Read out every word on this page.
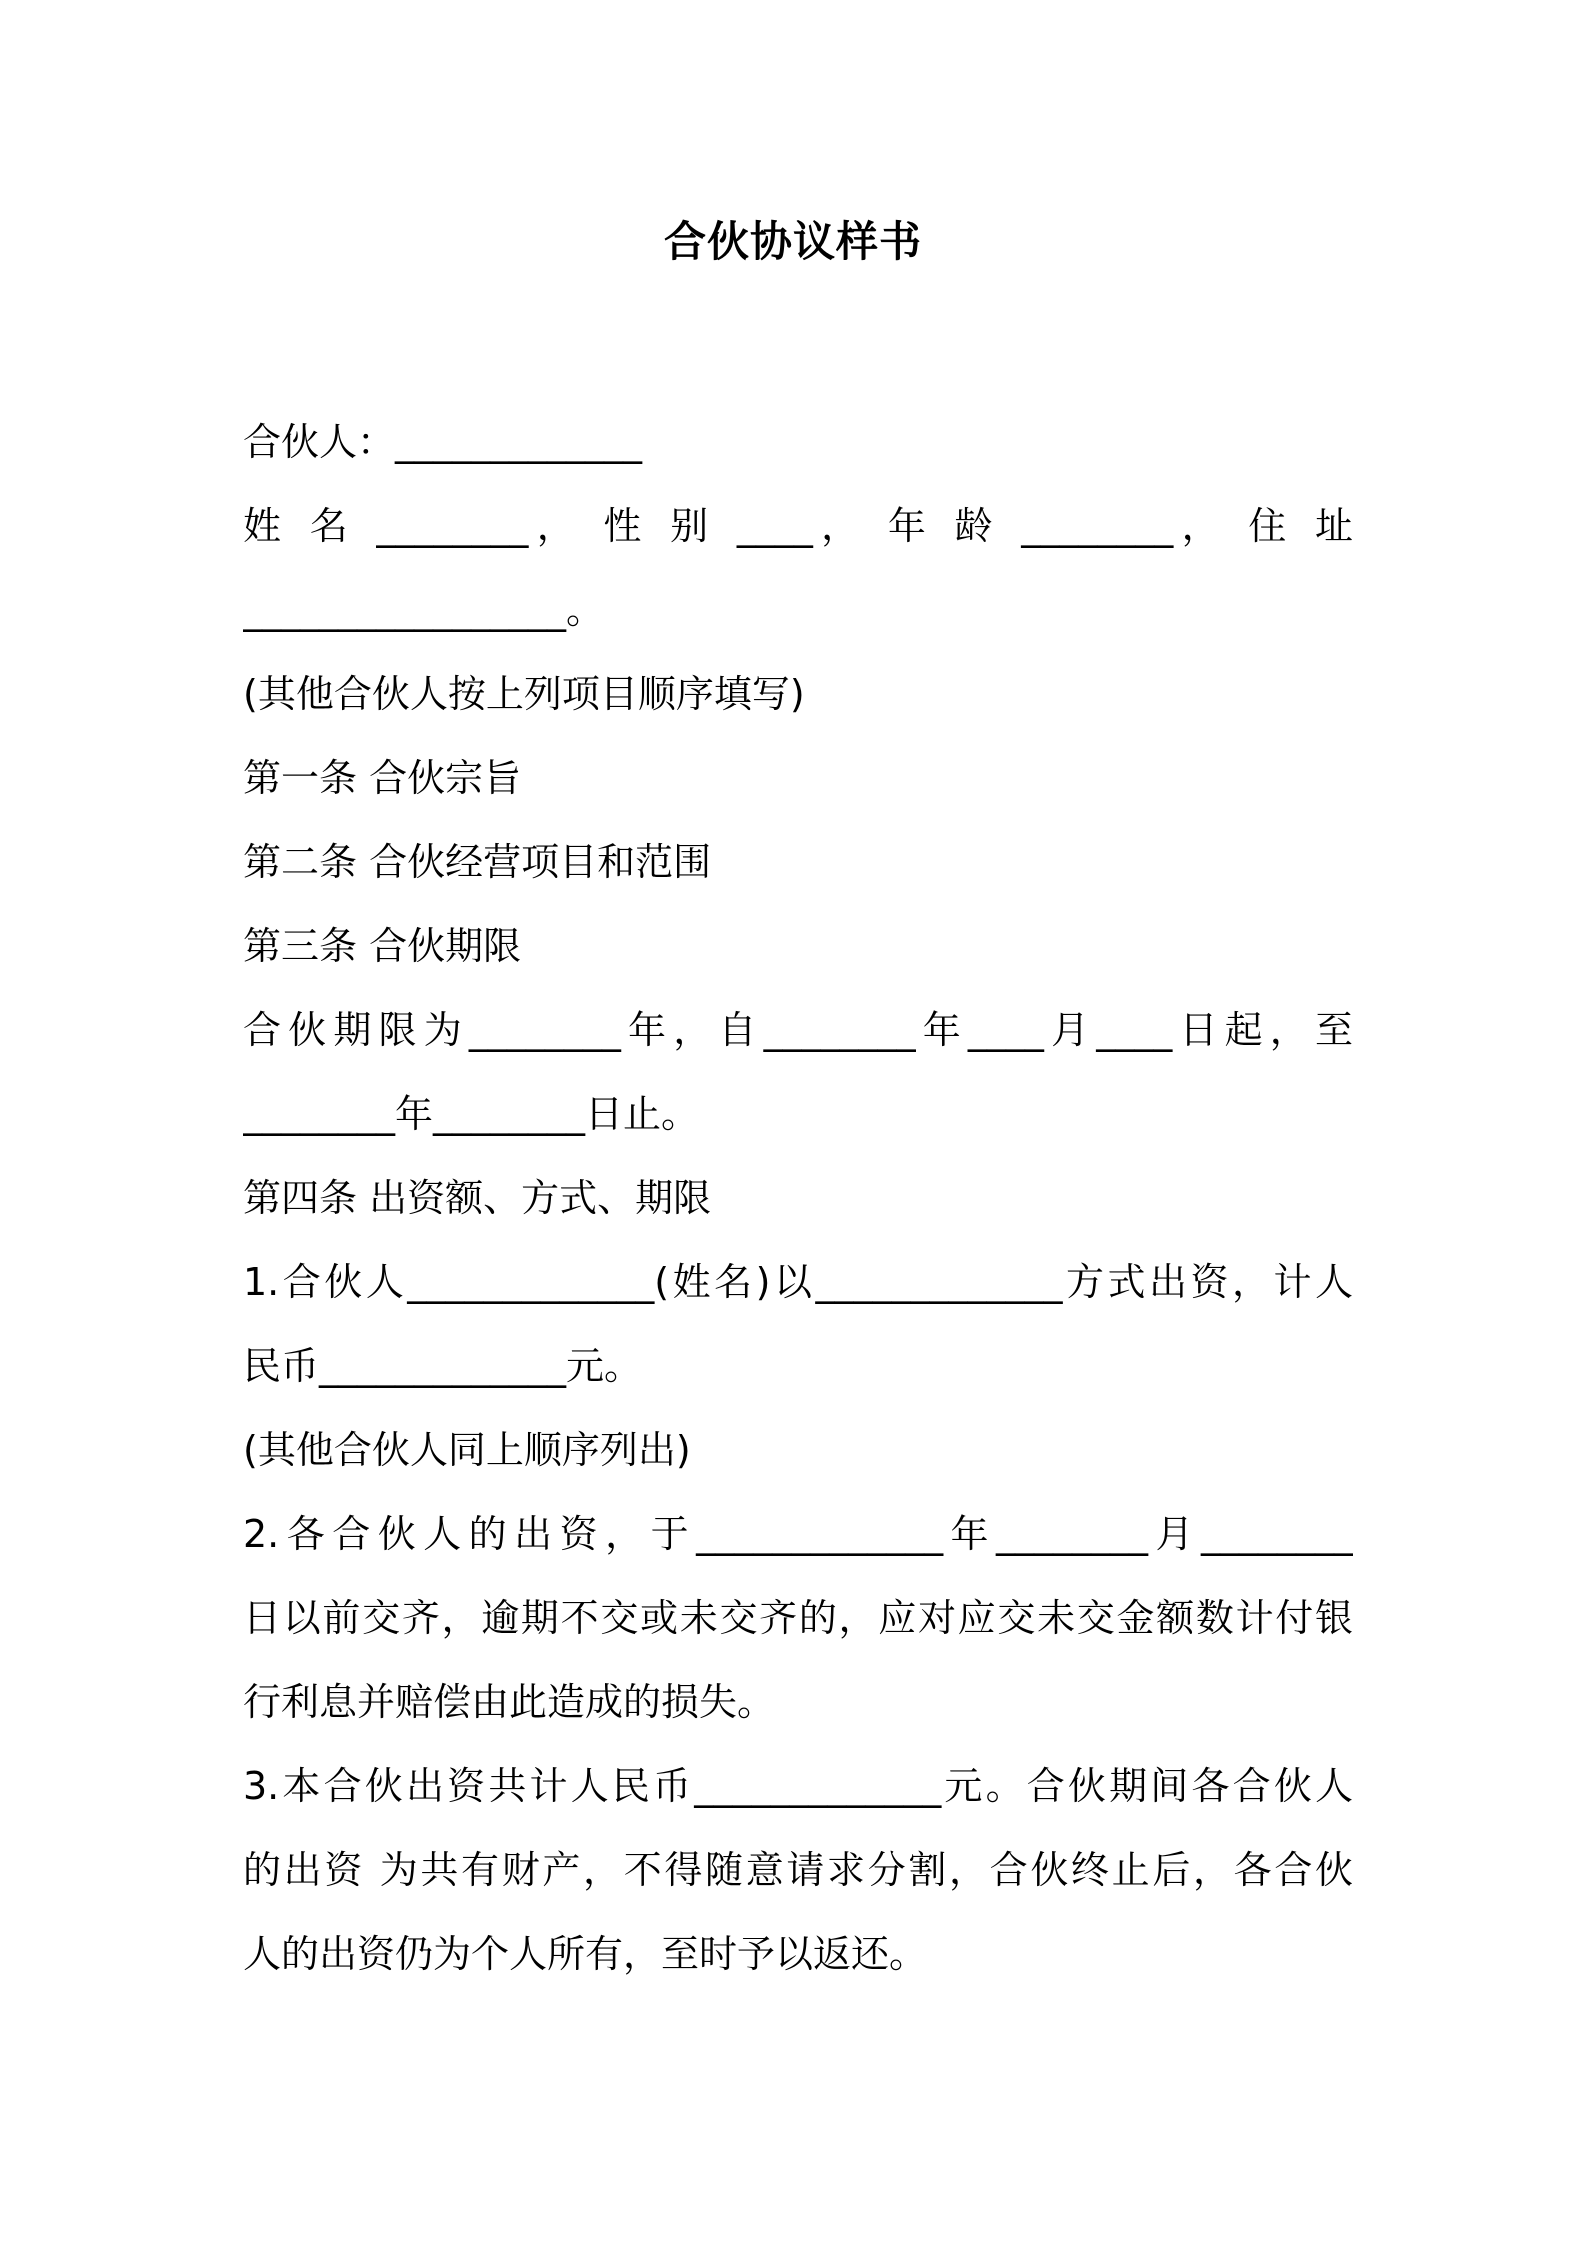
合伙协议样书
合伙人：_____________
姓 名 ________， 性 别 ____， 年 龄 ________， 住 址
_________________。
(其他合伙人按上列项目顺序填写)
第一条 合伙宗旨
第二条 合伙经营项目和范围
第三条 合伙期限
合伙期限为________年，自________年____月____日起，至
________年________日止。
第四条 出资额、方式、期限
1.合伙人_____________(姓名)以_____________方式出资，计人
民币_____________元。
(其他合伙人同上顺序列出)
2.各合伙人的出资，于_____________年________月________
日以前交齐，逾期不交或未交齐的，应对应交未交金额数计付银
行利息并赔偿由此造成的损失。
3.本合伙出资共计人民币_____________元。合伙期间各合伙人
的出资 为共有财产，不得随意请求分割，合伙终止后，各合伙
人的出资仍为个人所有，至时予以返还。
